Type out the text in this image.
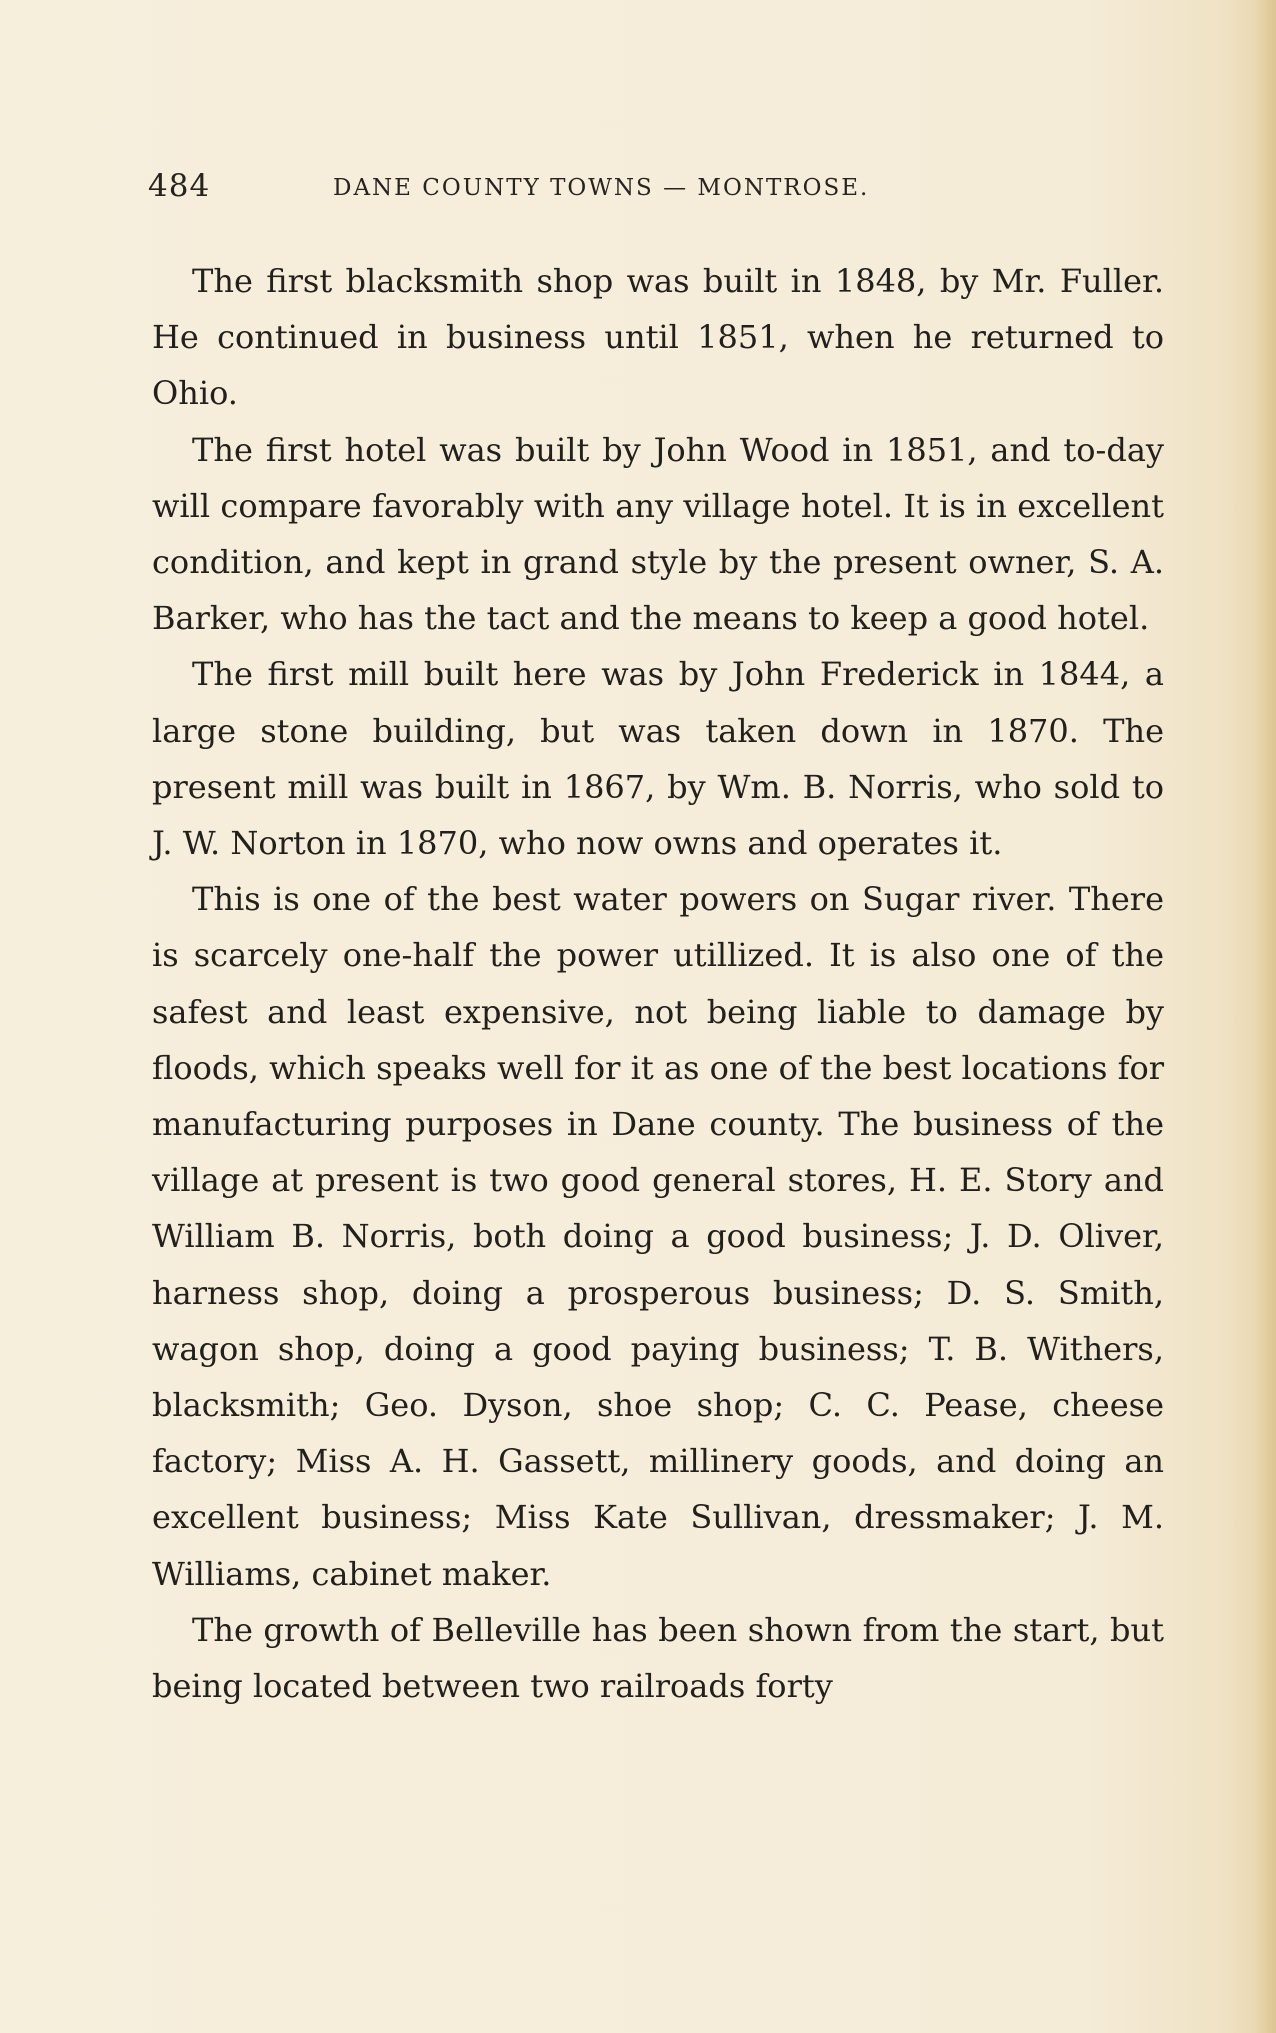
484	DANE COUNTY TOWNS — MONTROSE.

The first blacksmith shop was built in 1848, by Mr. Fuller. He continued in business until 1851, when he returned to Ohio.

The first hotel was built by John Wood in 1851, and to-day will compare favorably with any village hotel. It is in excellent condition, and kept in grand style by the present owner, S. A. Barker, who has the tact and the means to keep a good hotel.

The first mill built here was by John Frederick in 1844, a large stone building, but was taken down in 1870. The present mill was built in 1867, by Wm. B. Norris, who sold to J. W. Norton in 1870, who now owns and operates it.

This is one of the best water powers on Sugar river. There is scarcely one-half the power utillized. It is also one of the safest and least expensive, not being liable to damage by floods, which speaks well for it as one of the best locations for manufacturing purposes in Dane county. The business of the village at present is two good general stores, H. E. Story and William B. Norris, both doing a good business; J. D. Oliver, harness shop, doing a prosperous business; D. S. Smith, wagon shop, doing a good paying business; T. B. Withers, blacksmith; Geo. Dyson, shoe shop; C. C. Pease, cheese factory; Miss A. H. Gassett, millinery goods, and doing an excellent business; Miss Kate Sullivan, dressmaker; J. M. Williams, cabinet maker.

The growth of Belleville has been shown from the start, but being located between two railroads forty
